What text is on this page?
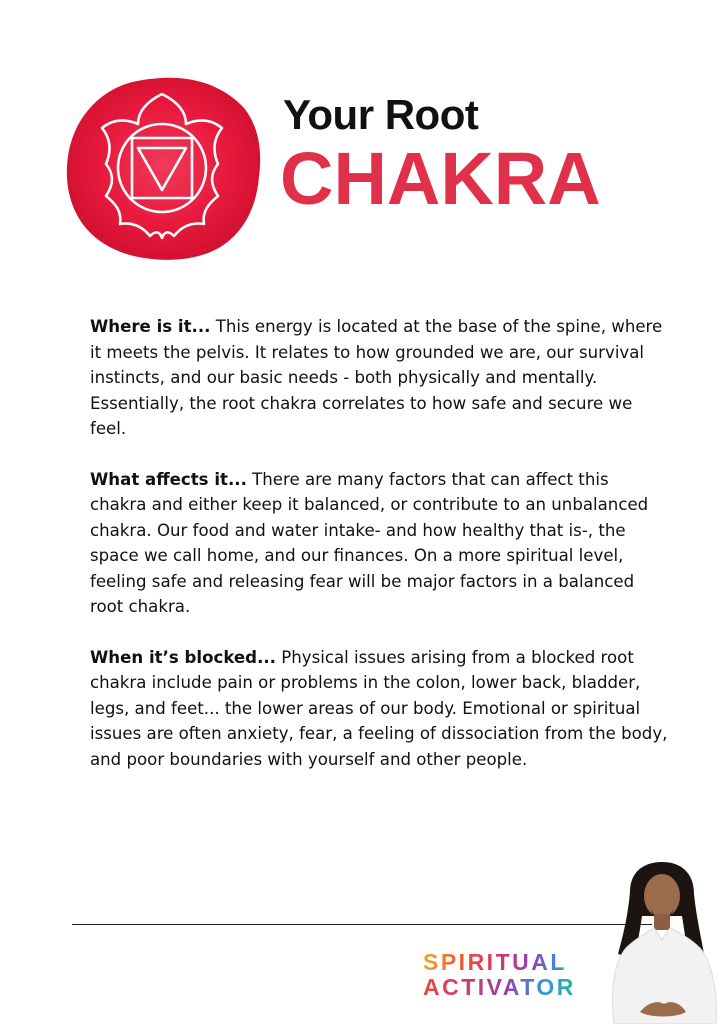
Your Root
CHAKRA

Where is it... This energy is located at the base of the spine, where it meets the pelvis. It relates to how grounded we are, our survival instincts, and our basic needs - both physically and mentally. Essentially, the root chakra correlates to how safe and secure we feel.

What affects it... There are many factors that can affect this chakra and either keep it balanced, or contribute to an unbalanced chakra. Our food and water intake- and how healthy that is-, the space we call home, and our finances. On a more spiritual level, feeling safe and releasing fear will be major factors in a balanced root chakra.

When it’s blocked... Physical issues arising from a blocked root chakra include pain or problems in the colon, lower back, bladder, legs, and feet... the lower areas of our body. Emotional or spiritual issues are often anxiety, fear, a feeling of dissociation from the body, and poor boundaries with yourself and other people.

SPIRITUAL
ACTIVATOR
